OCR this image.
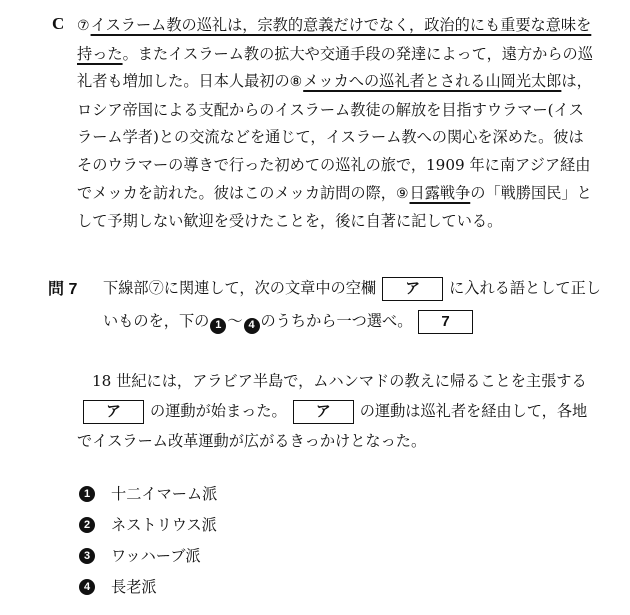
C ⑦イスラーム教の巡礼は，宗教的意義だけでなく，政治的にも重要な意味を持った。またイスラーム教の拡大や交通手段の発達によって，遠方からの巡礼者も増加した。日本人最初の⑧メッカへの巡礼者とされる山岡光太郎は，ロシア帝国による支配からのイスラーム教徒の解放を目指すウラマー(イスラーム学者)との交流などを通じて，イスラーム教への関心を深めた。彼はそのウラマーの導きで行った初めての巡礼の旅で，1909 年に南アジア経由でメッカを訪れた。彼はこのメッカ訪問の際，⑨日露戦争の「戦勝国民」として予期しない歓迎を受けたことを，後に自著に記している。

問 7 下線部⑦に関連して，次の文章中の空欄 ア に入れる語として正しいものを，下の 1 〜 4 のうちから一つ選べ。 7

18 世紀には，アラビア半島で，ムハンマドの教えに帰ることを主張するア の運動が始まった。 ア の運動は巡礼者を経由して，各地でイスラーム改革運動が広がるきっかけとなった。

1	十二イマーム派
2	ネストリウス派
3	ワッハーブ派
4	長老派
